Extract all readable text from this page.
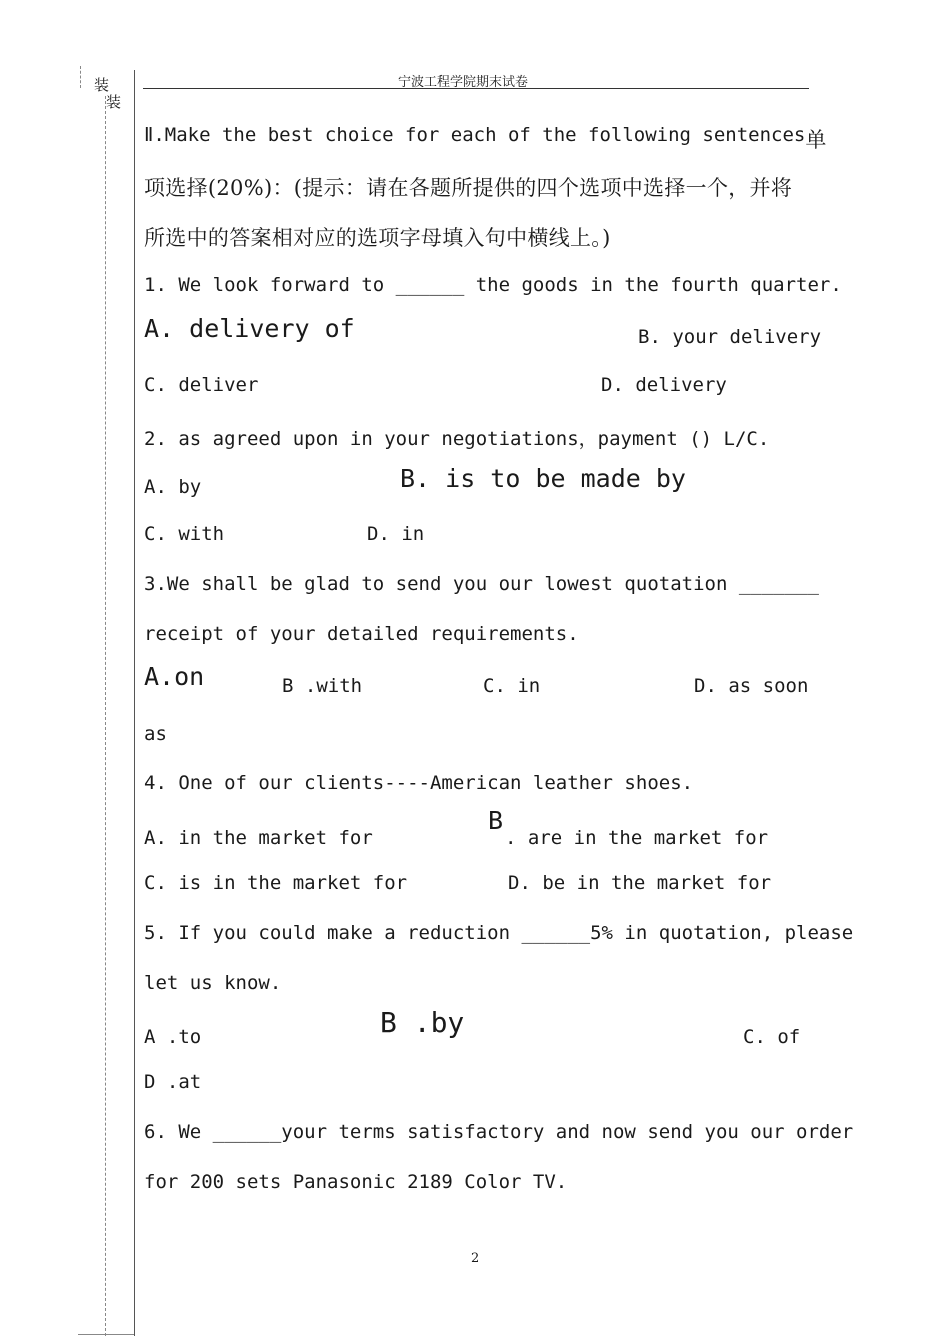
装
装
宁波工程学院期末试卷
Ⅱ.Make the best choice for each of the following sentences 单
项选择(20%)：(提示：请在各题所提供的四个选项中选择一个，并将
所选中的答案相对应的选项字母填入句中横线上。)
1. We look forward to ______ the goods in the fourth quarter.
A. delivery of	B. your delivery
C. deliver	D. delivery
2. as agreed upon in your negotiations，payment () L/C.
A. by	B. is to be made by
C. with	D. in
3.We shall be glad to send you our lowest quotation _______
receipt of your detailed requirements.
A.on	B .with	C. in	D. as soon
as
4. One of our clients----American leather shoes.
A. in the market for
B
. are in the market for
C. is in the market for	D. be in the market for
5. If you could make a reduction ______5% in quotation, please
let us know.
A .to	B .by	C. of
D .at
6. We ______your terms satisfactory and now send you our order
for 200 sets Panasonic 2189 Color TV.
2
